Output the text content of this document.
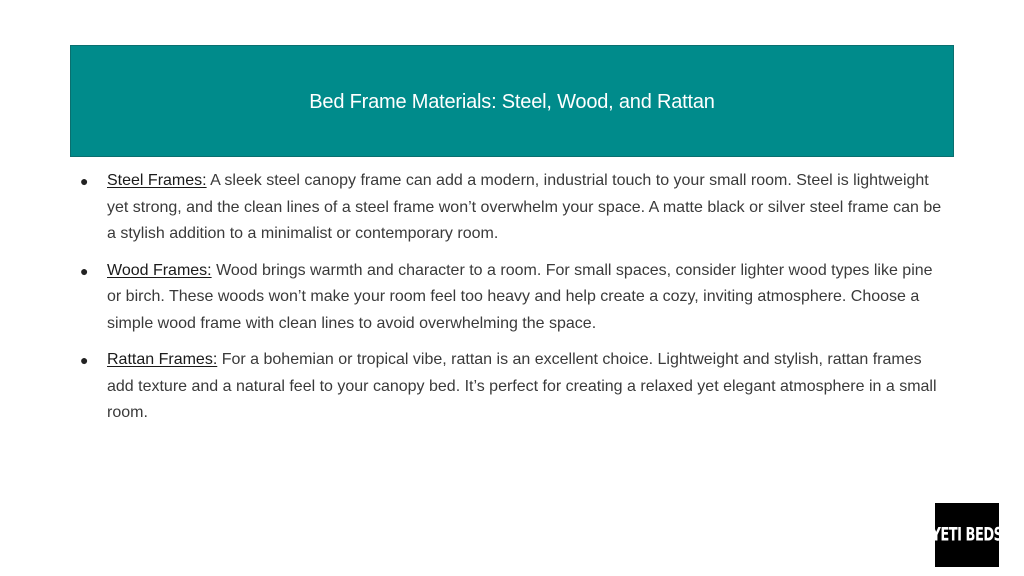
Bed Frame Materials: Steel, Wood, and Rattan
● Steel Frames: A sleek steel canopy frame can add a modern, industrial touch to your small room. Steel is lightweight yet strong, and the clean lines of a steel frame won’t overwhelm your space. A matte black or silver steel frame can be a stylish addition to a minimalist or contemporary room.
● Wood Frames: Wood brings warmth and character to a room. For small spaces, consider lighter wood types like pine or birch. These woods won’t make your room feel too heavy and help create a cozy, inviting atmosphere. Choose a simple wood frame with clean lines to avoid overwhelming the space.
● Rattan Frames: For a bohemian or tropical vibe, rattan is an excellent choice. Lightweight and stylish, rattan frames add texture and a natural feel to your canopy bed. It’s perfect for creating a relaxed yet elegant atmosphere in a small room.
YETI BEDS
